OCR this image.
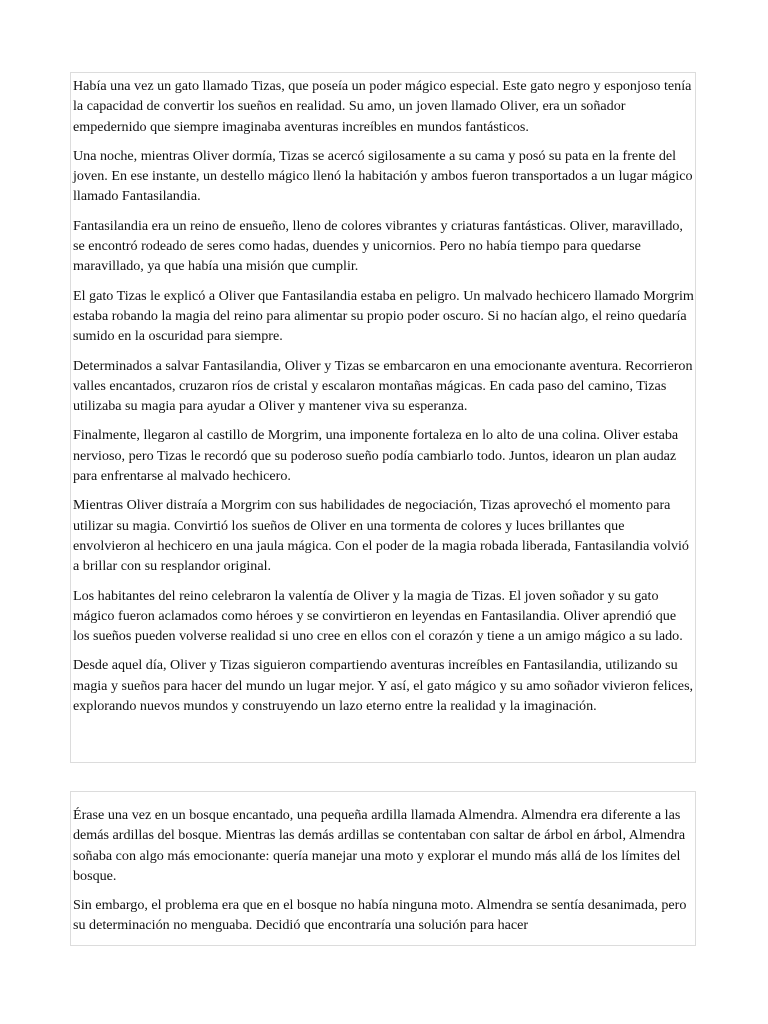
Había una vez un gato llamado Tizas, que poseía un poder mágico especial. Este gato negro y esponjoso tenía la capacidad de convertir los sueños en realidad. Su amo, un joven llamado Oliver, era un soñador empedernido que siempre imaginaba aventuras increíbles en mundos fantásticos.

Una noche, mientras Oliver dormía, Tizas se acercó sigilosamente a su cama y posó su pata en la frente del joven. En ese instante, un destello mágico llenó la habitación y ambos fueron transportados a un lugar mágico llamado Fantasilandia.

Fantasilandia era un reino de ensueño, lleno de colores vibrantes y criaturas fantásticas. Oliver, maravillado, se encontró rodeado de seres como hadas, duendes y unicornios. Pero no había tiempo para quedarse maravillado, ya que había una misión que cumplir.

El gato Tizas le explicó a Oliver que Fantasilandia estaba en peligro. Un malvado hechicero llamado Morgrim estaba robando la magia del reino para alimentar su propio poder oscuro. Si no hacían algo, el reino quedaría sumido en la oscuridad para siempre.

Determinados a salvar Fantasilandia, Oliver y Tizas se embarcaron en una emocionante aventura. Recorrieron valles encantados, cruzaron ríos de cristal y escalaron montañas mágicas. En cada paso del camino, Tizas utilizaba su magia para ayudar a Oliver y mantener viva su esperanza.

Finalmente, llegaron al castillo de Morgrim, una imponente fortaleza en lo alto de una colina. Oliver estaba nervioso, pero Tizas le recordó que su poderoso sueño podía cambiarlo todo. Juntos, idearon un plan audaz para enfrentarse al malvado hechicero.

Mientras Oliver distraía a Morgrim con sus habilidades de negociación, Tizas aprovechó el momento para utilizar su magia. Convirtió los sueños de Oliver en una tormenta de colores y luces brillantes que envolvieron al hechicero en una jaula mágica. Con el poder de la magia robada liberada, Fantasilandia volvió a brillar con su resplandor original.

Los habitantes del reino celebraron la valentía de Oliver y la magia de Tizas. El joven soñador y su gato mágico fueron aclamados como héroes y se convirtieron en leyendas en Fantasilandia. Oliver aprendió que los sueños pueden volverse realidad si uno cree en ellos con el corazón y tiene a un amigo mágico a su lado.

Desde aquel día, Oliver y Tizas siguieron compartiendo aventuras increíbles en Fantasilandia, utilizando su magia y sueños para hacer del mundo un lugar mejor. Y así, el gato mágico y su amo soñador vivieron felices, explorando nuevos mundos y construyendo un lazo eterno entre la realidad y la imaginación.

Érase una vez en un bosque encantado, una pequeña ardilla llamada Almendra. Almendra era diferente a las demás ardillas del bosque. Mientras las demás ardillas se contentaban con saltar de árbol en árbol, Almendra soñaba con algo más emocionante: quería manejar una moto y explorar el mundo más allá de los límites del bosque.

Sin embargo, el problema era que en el bosque no había ninguna moto. Almendra se sentía desanimada, pero su determinación no menguaba. Decidió que encontraría una solución para hacer
